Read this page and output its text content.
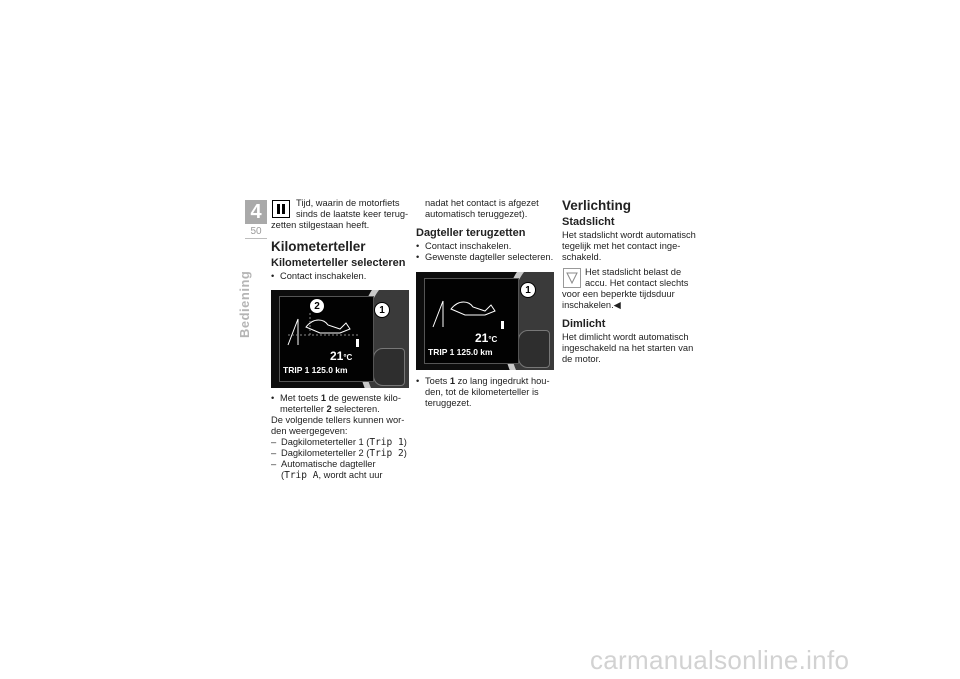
4
50
Bediening

Tijd, waarin de motorfiets

sinds de laatste keer terug-

zetten stilgestaan heeft.

Kilometerteller
Kilometerteller selecteren

• Contact inschakelen.

21°C
TRIP 1 125.0 km
2	1

• Met toets 1 de gewenste kilo-
meterteller 2 selecteren.

De volgende tellers kunnen wor-

den weergegeven:

– Dagkilometerteller 1 (Trip 1)

– Dagkilometerteller 2 (Trip 2)

– Automatische dagteller
(Trip A, wordt acht uur

nadat het contact is afgezet

automatisch teruggezet).

Dagteller terugzetten

• Contact inschakelen.

• Gewenste dagteller selecteren.

21°C
TRIP 1 125.0 km
1

• Toets 1 zo lang ingedrukt hou-
den, tot de kilometerteller is
teruggezet.

Verlichting
Stadslicht

Het stadslicht wordt automatisch

tegelijk met het contact inge-

schakeld.

Het stadslicht belast de

accu. Het contact slechts

voor een beperkte tijdsduur

inschakelen.◀

Dimlicht

Het dimlicht wordt automatisch

ingeschakeld na het starten van

de motor.

carmanualsonline.info
